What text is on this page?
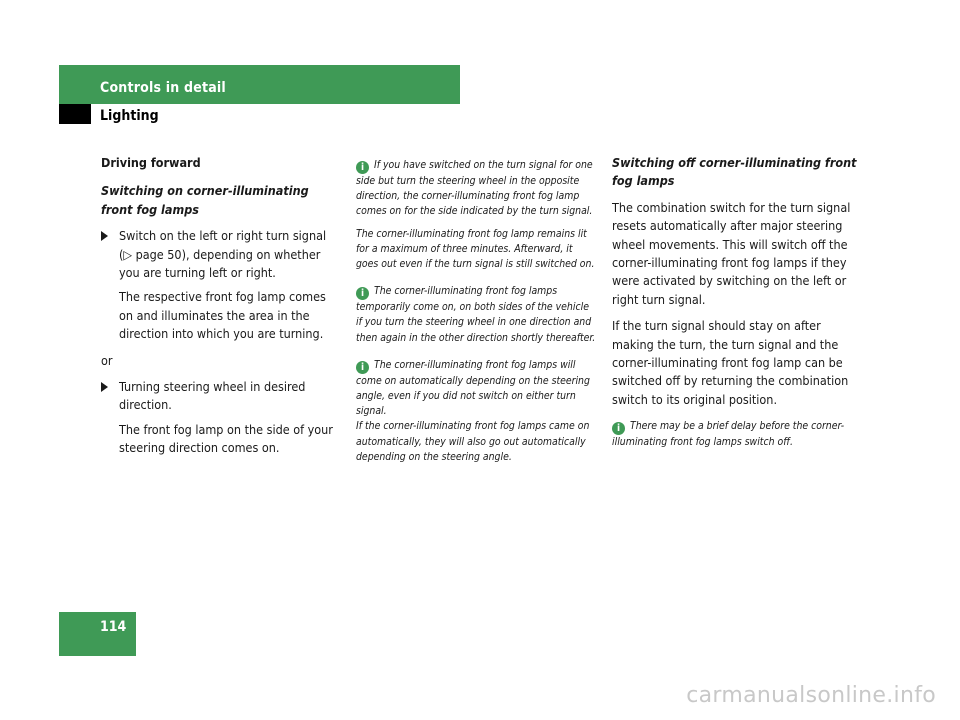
Controls in detail
Lighting
Driving forward
Switching on corner-illuminating front fog lamps
Switch on the left or right turn signal (▷ page 50), depending on whether you are turning left or right.
The respective front fog lamp comes on and illuminates the area in the direction into which you are turning.

or

Turning steering wheel in desired direction.
The front fog lamp on the side of your steering direction comes on.
i If you have switched on the turn signal for one side but turn the steering wheel in the opposite direction, the corner-illuminating front fog lamp comes on for the side indicated by the turn signal.
The corner-illuminating front fog lamp remains lit for a maximum of three minutes. Afterward, it goes out even if the turn signal is still switched on.
i The corner-illuminating front fog lamps temporarily come on, on both sides of the vehicle if you turn the steering wheel in one direction and then again in the other direction shortly thereafter.
i The corner-illuminating front fog lamps will come on automatically depending on the steering angle, even if you did not switch on either turn signal.
If the corner-illuminating front fog lamps came on automatically, they will also go out automatically depending on the steering angle.
Switching off corner-illuminating front fog lamps

The combination switch for the turn signal resets automatically after major steering wheel movements. This will switch off the corner-illuminating front fog lamps if they were activated by switching on the left or right turn signal.

If the turn signal should stay on after making the turn, the turn signal and the corner-illuminating front fog lamp can be switched off by returning the combination switch to its original position.

i There may be a brief delay before the corner-illuminating front fog lamps switch off.
114
carmanualsonline.info
